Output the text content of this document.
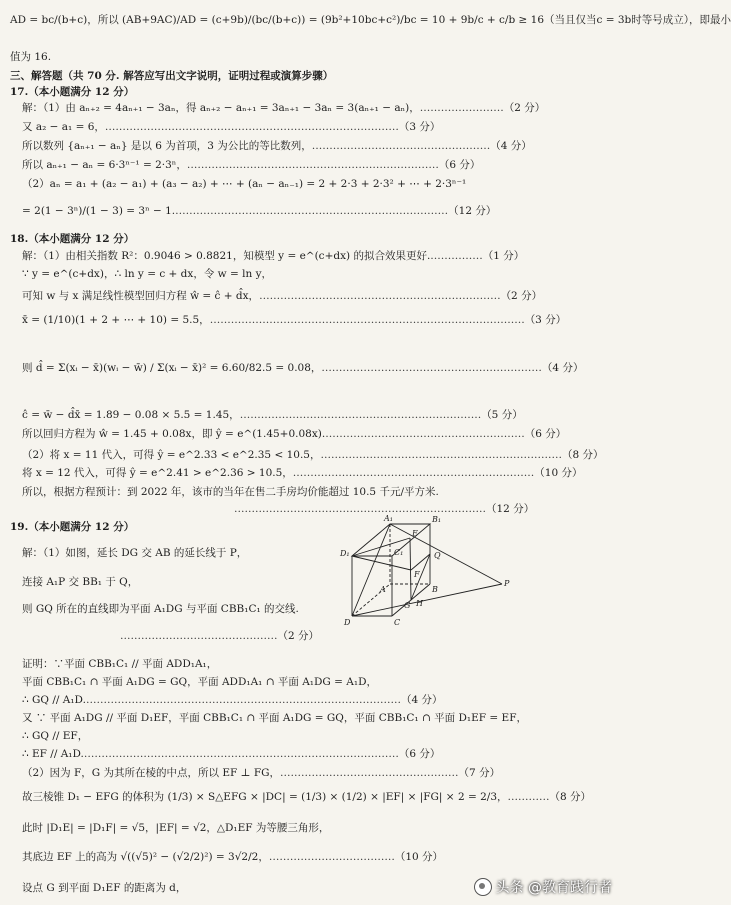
AD = bc/(b+c)，所以 (AB+9AC)/AD = (c+9b)/(bc/(b+c)) = (9b²+10bc+c²)/bc = 10 + 9b/c + c/b ≥ 16（当且仅当c = 3b时等号成立），即最小
值为 16.
三、解答题（共 70 分. 解答应写出文字说明，证明过程或演算步骤）
17.（本小题满分 12 分）
解：（1）由 aₙ₊₂ = 4aₙ₊₁ − 3aₙ，得 aₙ₊₂ − aₙ₊₁ = 3aₙ₊₁ − 3aₙ = 3(aₙ₊₁ − aₙ)，……………………（2 分）
又 a₂ − a₁ = 6，…………………………………………………………………………（3 分）
所以数列 {aₙ₊₁ − aₙ} 是以 6 为首项，3 为公比的等比数列，……………………………………………（4 分）
所以 aₙ₊₁ − aₙ = 6·3ⁿ⁻¹ = 2·3ⁿ，………………………………………………………………（6 分）
（2）aₙ = a₁ + (a₂ − a₁) + (a₃ − a₂) + ⋯ + (aₙ − aₙ₋₁) = 2 + 2·3 + 2·3² + ⋯ + 2·3ⁿ⁻¹
= 2(1 − 3ⁿ)/(1 − 3) = 3ⁿ − 1.……………………………………………………………………（12 分）
18.（本小题满分 12 分）
解：（1）由相关指数 R²：0.9046 > 0.8821，知模型 y = e^(c+dx) 的拟合效果更好.……………（1 分）
∵ y = e^(c+dx)，∴ ln y = c + dx，令 w = ln y，
可知 w 与 x 满足线性模型回归方程 ŵ = ĉ + d̂x，……………………………………………………………（2 分）
x̄ = (1/10)(1 + 2 + ⋯ + 10) = 5.5，………………………………………………………………………………（3 分）
则 d̂ = Σ(xᵢ − x̄)(wᵢ − w̄) / Σ(xᵢ − x̄)² = 6.60/82.5 = 0.08，………………………………………………………（4 分）
ĉ = w̄ − d̂x̄ = 1.89 − 0.08 × 5.5 = 1.45，……………………………………………………………（5 分）
所以回归方程为 ŵ = 1.45 + 0.08x，即 ŷ = e^(1.45+0.08x).…………………………………………………（6 分）
（2）将 x = 11 代入，可得 ŷ = e^2.33 < e^2.35 < 10.5，……………………………………………………………（8 分）
将 x = 12 代入，可得 ŷ = e^2.41 > e^2.36 > 10.5，……………………………………………………………（10 分）
所以，根据方程预计：到 2022 年，该市的当年在售二手房均价能超过 10.5 千元/平方米.
………………………………………………………………（12 分）
19.（本小题满分 12 分）
解：（1）如图，延长 DG 交 AB 的延长线于 P，
连接 A₁P 交 BB₁ 于 Q，
则 GQ 所在的直线即为平面 A₁DG 与平面 CBB₁C₁ 的交线.
………………………………………（2 分）
A₁	B₁
C₁
D₁
E
F
Q
A	B
C
D
G H
P
证明：∵平面 CBB₁C₁ // 平面 ADD₁A₁，
平面 CBB₁C₁ ∩ 平面 A₁DG = GQ，平面 ADD₁A₁ ∩ 平面 A₁DG = A₁D，
∴ GQ // A₁D.………………………………………………………………………………（4 分）
又 ∵ 平面 A₁DG // 平面 D₁EF，平面 CBB₁C₁ ∩ 平面 A₁DG = GQ，平面 CBB₁C₁ ∩ 平面 D₁EF = EF，
∴ GQ // EF，
∴ EF // A₁D.………………………………………………………………………………（6 分）
（2）因为 F，G 为其所在棱的中点，所以 EF ⊥ FG，……………………………………………（7 分）
故三棱锥 D₁ − EFG 的体积为 (1/3) × S△EFG × |DC| = (1/3) × (1/2) × |EF| × |FG| × 2 = 2/3，…………（8 分）
此时 |D₁E| = |D₁F| = √5，|EF| = √2，△D₁EF 为等腰三角形，
其底边 EF 上的高为 √((√5)² − (√2/2)²) = 3√2/2，………………………………（10 分）
设点 G 到平面 D₁EF 的距离为 d，	头条 @教育践行者
